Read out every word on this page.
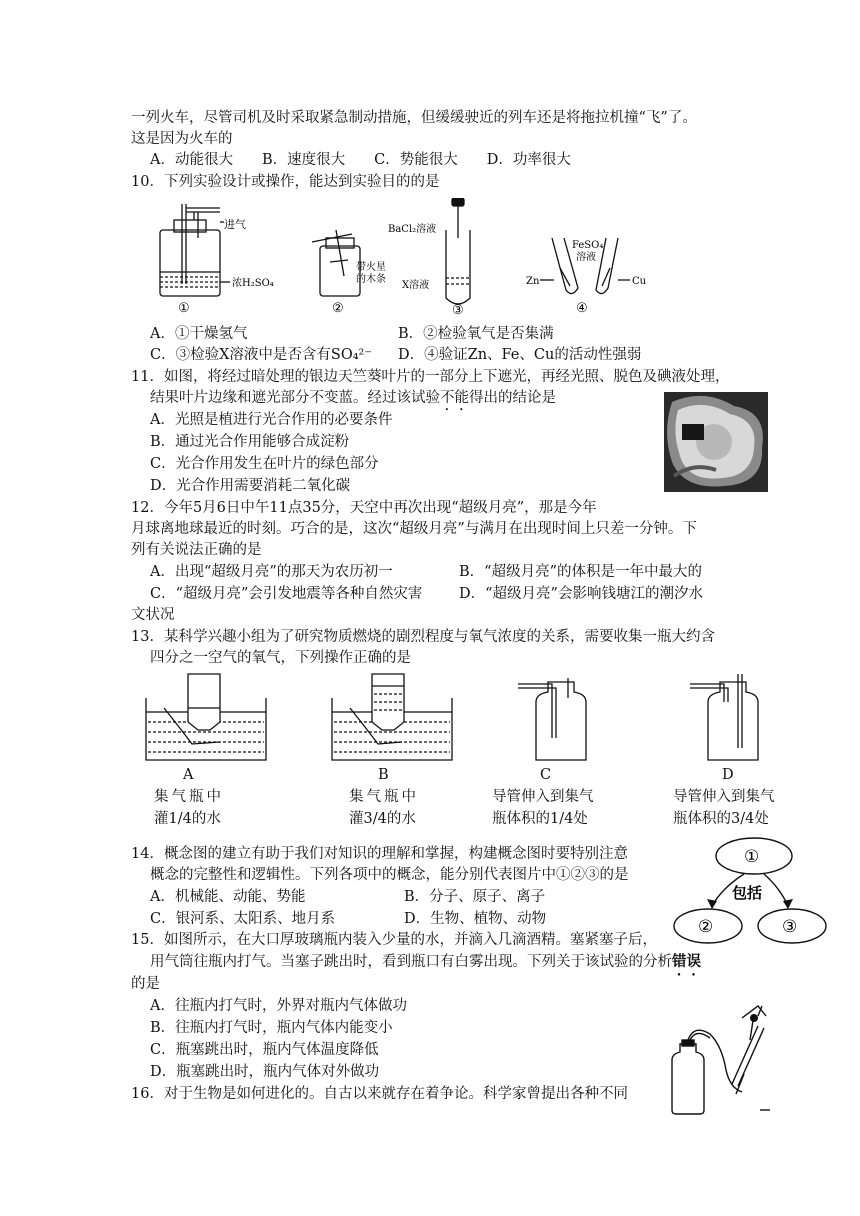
一列火车，尽管司机及时采取紧急制动措施，但缓缓驶近的列车还是将拖拉机撞“飞”了。
这是因为火车的
A．动能很大　　B．速度很大　　C．势能很大　　D．功率很大
10．下列实验设计或操作，能达到实验目的的是
进气
浓H₂SO₄
①
带火星
的木条
②
BaCl₂溶液
X溶液
③
FeSO₄
溶液
Zn	Cu
④
A．①干燥氢气	B．②检验氧气是否集满
C．③检验X溶液中是否含有SO₄²⁻ D．④验证Zn、Fe、Cu的活动性强弱
11．如图，将经过暗处理的银边天竺葵叶片的一部分上下遮光，再经光照、脱色及碘液处理，
结果叶片边缘和遮光部分不变蓝。经过该试验不能得出的结论是
A．光照是植进行光合作用的必要条件
B．通过光合作用能够合成淀粉
C．光合作用发生在叶片的绿色部分
D．光合作用需要消耗二氧化碳
12．今年5月6日中午11点35分，天空中再次出现“超级月亮”，那是今年
月球离地球最近的时刻。巧合的是，这次“超级月亮”与满月在出现时间上只差一分钟。下
列有关说法正确的是
A．出现“超级月亮”的那天为农历初一	B．“超级月亮”的体积是一年中最大的
C．“超级月亮”会引发地震等各种自然灾害	D．“超级月亮”会影响钱塘江的潮汐水
文状况
13．某科学兴趣小组为了研究物质燃烧的剧烈程度与氧气浓度的关系，需要收集一瓶大约含
四分之一空气的氧气，下列操作正确的是
A	B	C	D
集气瓶中
灌1/4的水
集气瓶中
灌3/4的水
导管伸入到集气
瓶体积的1/4处
导管伸入到集气
瓶体积的3/4处
14．概念图的建立有助于我们对知识的理解和掌握，构建概念图时要特别注意
概念的完整性和逻辑性。下列各项中的概念，能分别代表图片中①②③的是
A．机械能、动能、势能	B．分子、原子、离子
C．银河系、太阳系、地月系	D．生物、植物、动物
①
包括
②	③
15．如图所示，在大口厚玻璃瓶内装入少量的水，并滴入几滴酒精。塞紧塞子后，
用气筒往瓶内打气。当塞子跳出时，看到瓶口有白雾出现。下列关于该试验的分析错误
的是
A．往瓶内打气时，外界对瓶内气体做功
B．往瓶内打气时，瓶内气体内能变小
C．瓶塞跳出时，瓶内气体温度降低
D．瓶塞跳出时，瓶内气体对外做功
16．对于生物是如何进化的。自古以来就存在着争论。科学家曾提出各种不同
